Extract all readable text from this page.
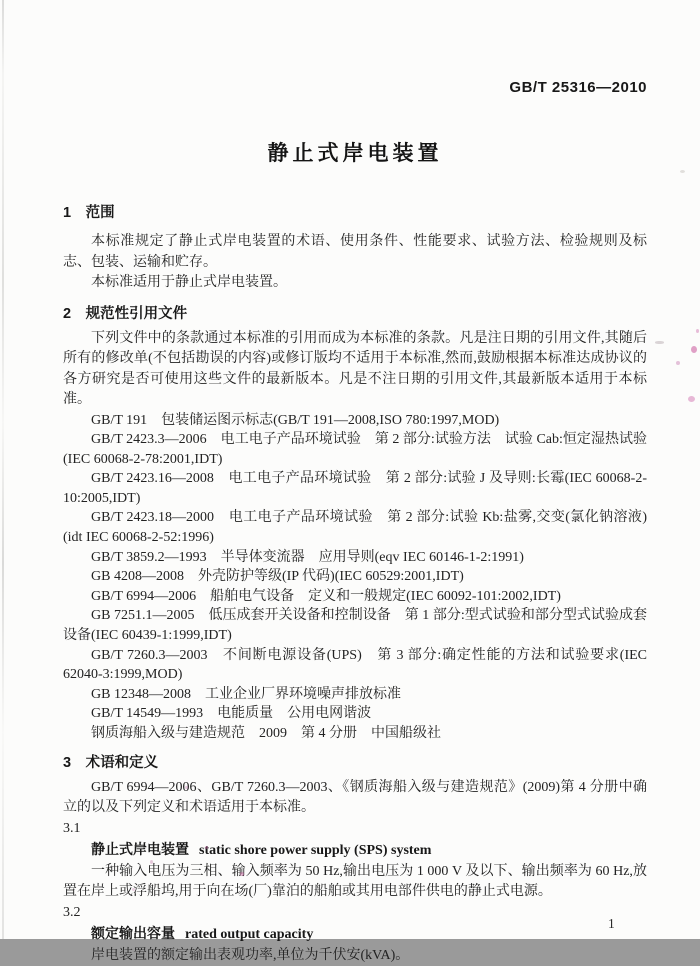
GB/T 25316—2010
静止式岸电装置
1　范围

本标准规定了静止式岸电装置的术语、使用条件、性能要求、试验方法、检验规则及标志、包装、运输和贮存。

本标准适用于静止式岸电装置。

2　规范性引用文件

下列文件中的条款通过本标准的引用而成为本标准的条款。凡是注日期的引用文件,其随后所有的修改单(不包括勘误的内容)或修订版均不适用于本标准,然而,鼓励根据本标准达成协议的各方研究是否可使用这些文件的最新版本。凡是不注日期的引用文件,其最新版本适用于本标准。

GB/T 191　包装储运图示标志(GB/T 191—2008,ISO 780:1997,MOD)
GB/T 2423.3—2006　电工电子产品环境试验　第 2 部分:试验方法　试验 Cab:恒定湿热试验(IEC 60068-2-78:2001,IDT)
GB/T 2423.16—2008　电工电子产品环境试验　第 2 部分:试验 J 及导则:长霉(IEC 60068-2-10:2005,IDT)
GB/T 2423.18—2000　电工电子产品环境试验　第 2 部分:试验 Kb:盐雾,交变(氯化钠溶液)(idt IEC 60068-2-52:1996)
GB/T 3859.2—1993　半导体变流器　应用导则(eqv IEC 60146-1-2:1991)
GB 4208—2008　外壳防护等级(IP 代码)(IEC 60529:2001,IDT)
GB/T 6994—2006　船舶电气设备　定义和一般规定(IEC 60092-101:2002,IDT)
GB 7251.1—2005　低压成套开关设备和控制设备　第 1 部分:型式试验和部分型式试验成套设备(IEC 60439-1:1999,IDT)
GB/T 7260.3—2003　不间断电源设备(UPS)　第 3 部分:确定性能的方法和试验要求(IEC 62040-3:1999,MOD)
GB 12348—2008　工业企业厂界环境噪声排放标准
GB/T 14549—1993　电能质量　公用电网谐波
钢质海船入级与建造规范　2009　第 4 分册　中国船级社
3　术语和定义

GB/T 6994—2006、GB/T 7260.3—2003、《钢质海船入级与建造规范》(2009)第 4 分册中确立的以及下列定义和术语适用于本标准。

3.1

静止式岸电装置 static shore power supply (SPS) system

一种输入电压为三相、输入频率为 50 Hz,输出电压为 1 000 V 及以下、输出频率为 60 Hz,放置在岸上或浮船坞,用于向在场(厂)靠泊的船舶或其用电部件供电的静止式电源。

3.2

额定输出容量 rated output capacity

岸电装置的额定输出表观功率,单位为千伏安(kVA)。

1
